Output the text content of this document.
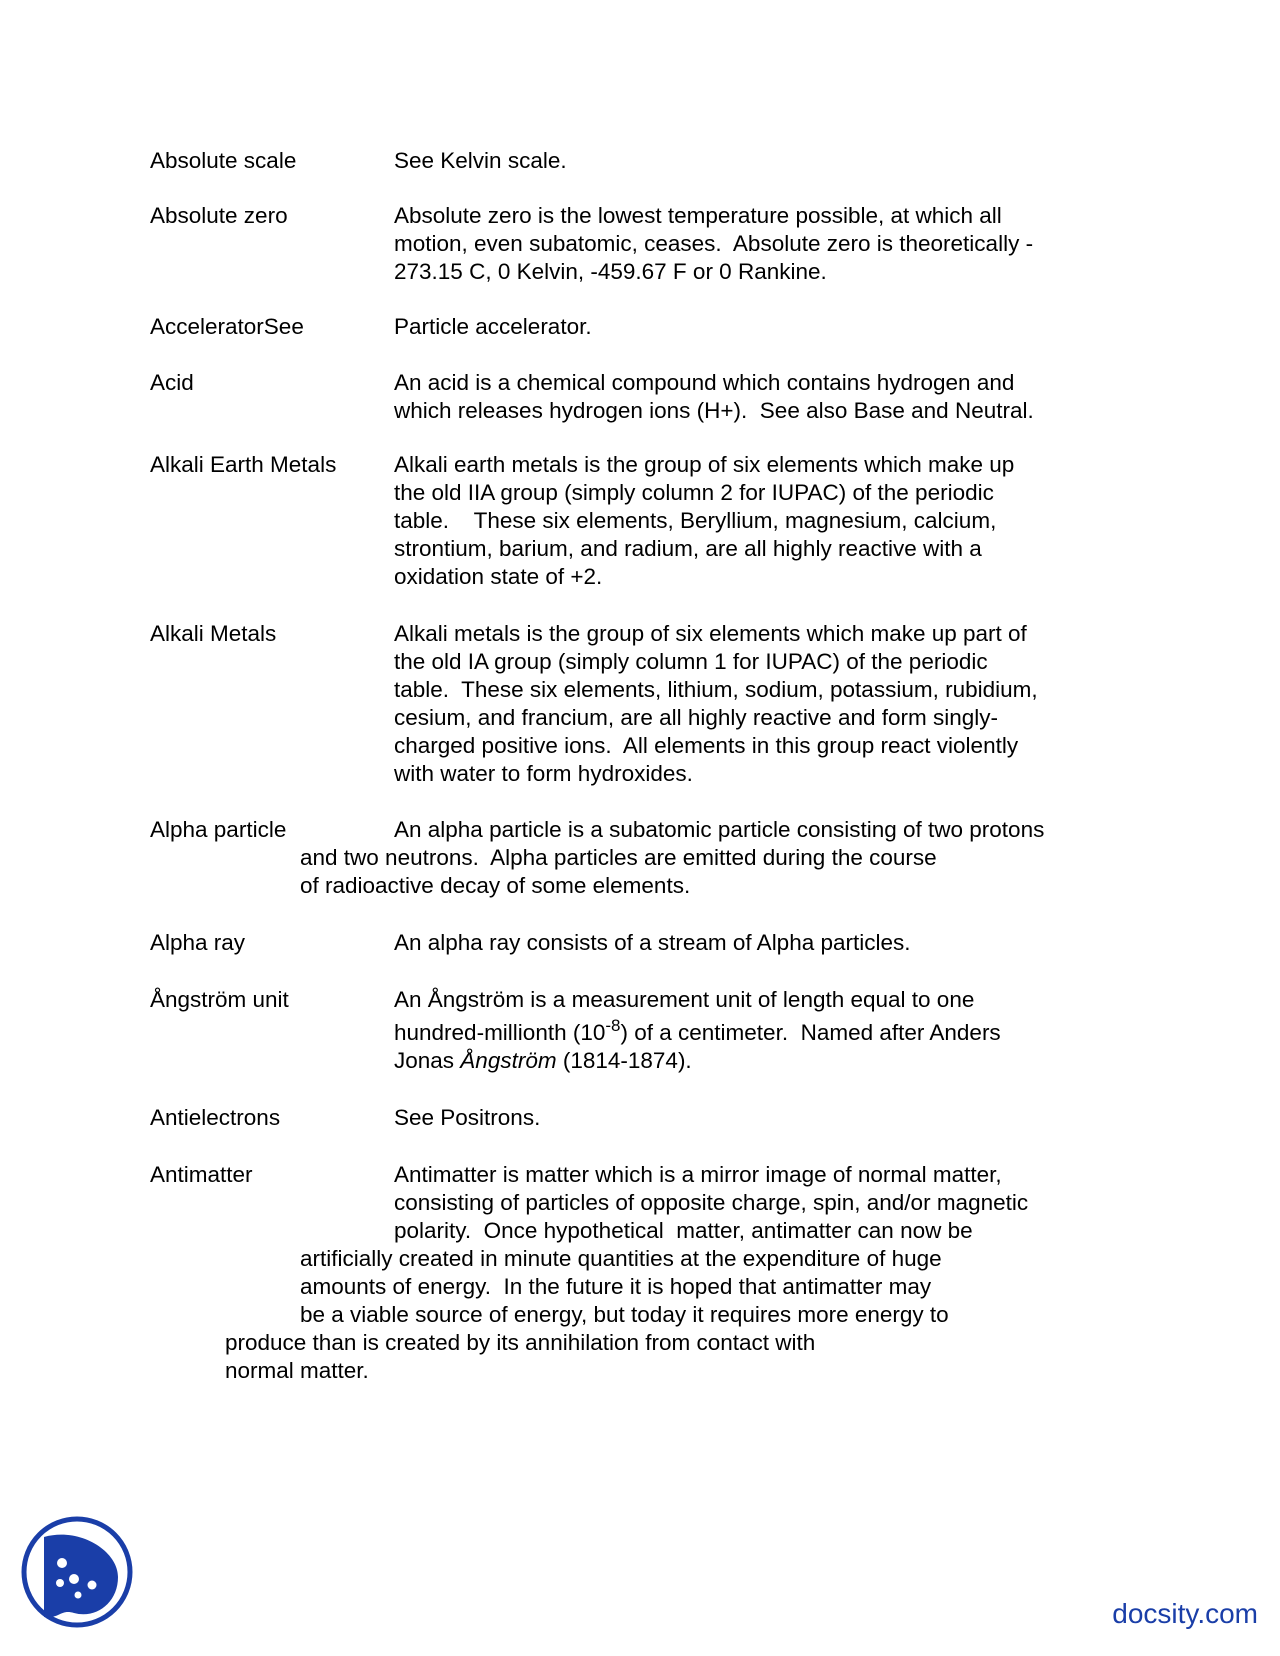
Absolute scale	See Kelvin scale.
Absolute zero	Absolute zero is the lowest temperature possible, at which all
motion, even subatomic, ceases.  Absolute zero is theoretically -
273.15 C, 0 Kelvin, -459.67 F or 0 Rankine.
AcceleratorSee	Particle accelerator.
Acid	An acid is a chemical compound which contains hydrogen and
which releases hydrogen ions (H+).  See also Base and Neutral.
Alkali Earth Metals	Alkali earth metals is the group of six elements which make up
the old IIA group (simply column 2 for IUPAC) of the periodic
table.    These six elements, Beryllium, magnesium, calcium,
strontium, barium, and radium, are all highly reactive with a
oxidation state of +2.
Alkali Metals	Alkali metals is the group of six elements which make up part of
the old IA group (simply column 1 for IUPAC) of the periodic
table.  These six elements, lithium, sodium, potassium, rubidium,
cesium, and francium, are all highly reactive and form singly-
charged positive ions.  All elements in this group react violently
with water to form hydroxides.
Alpha particle	An alpha particle is a subatomic particle consisting of two protons
and two neutrons.  Alpha particles are emitted during the course
of radioactive decay of some elements.
Alpha ray	An alpha ray consists of a stream of Alpha particles.
Ångström unit	An Ångström is a measurement unit of length equal to one
hundred-millionth $(10^{-8})$ of a centimeter.  Named after Anders
Jonas Ångström (1814-1874).
Antielectrons	See Positrons.
Antimatter	Antimatter is matter which is a mirror image of normal matter,
consisting of particles of opposite charge, spin, and/or magnetic
polarity.  Once hypothetical  matter, antimatter can now be
artificially created in minute quantities at the expenditure of huge
amounts of energy.  In the future it is hoped that antimatter may
be a viable source of energy, but today it requires more energy to
produce than is created by its annihilation from contact with
normal matter.
docsity.com
